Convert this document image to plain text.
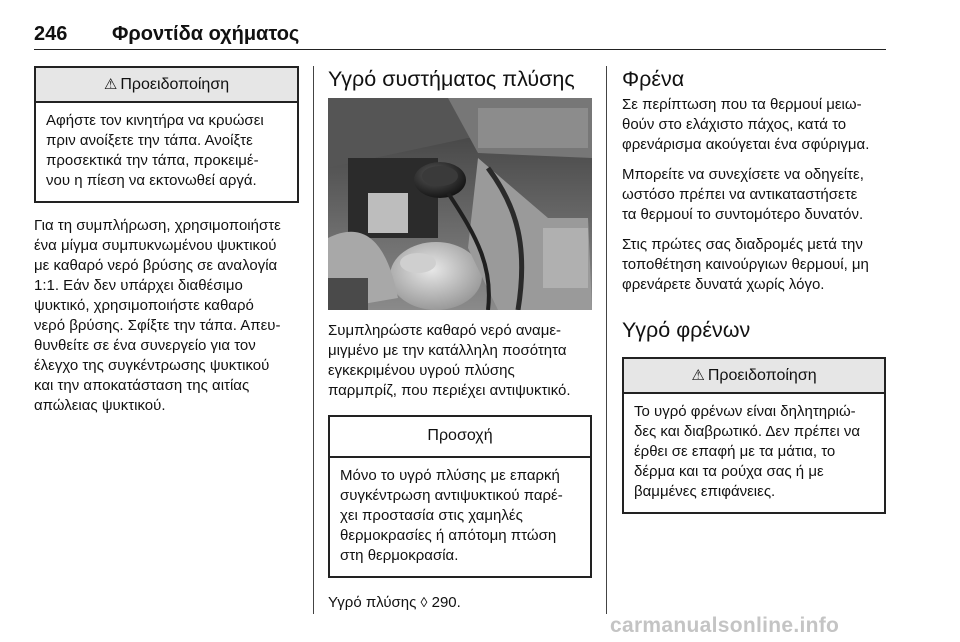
246 Φροντίδα οχήματος
⚠ Προειδοποίηση
Αφήστε τον κινητήρα να κρυώσει
πριν ανοίξετε την τάπα. Ανοίξτε
προσεκτικά την τάπα, προκειμέ-
νου η πίεση να εκτονωθεί αργά.

Για τη συμπλήρωση, χρησιμοποιήστε
ένα μίγμα συμπυκνωμένου ψυκτικού
με καθαρό νερό βρύσης σε αναλογία
1:1. Εάν δεν υπάρχει διαθέσιμο
ψυκτικό, χρησιμοποιήστε καθαρό
νερό βρύσης. Σφίξτε την τάπα. Απευ-
θυνθείτε σε ένα συνεργείο για τον
έλεγχο της συγκέντρωσης ψυκτικού
και την αποκατάσταση της αιτίας
απώλειας ψυκτικού.

Υγρό συστήματος πλύσης

Συμπληρώστε καθαρό νερό αναμε-
μιγμένο με την κατάλληλη ποσότητα
εγκεκριμένου υγρού πλύσης
παρμπρίζ, που περιέχει αντιψυκτικό.

Προσοχή
Μόνο το υγρό πλύσης με επαρκή
συγκέντρωση αντιψυκτικού παρέ-
χει προστασία στις χαμηλές
θερμοκρασίες ή απότομη πτώση
στη θερμοκρασία.

Υγρό πλύσης ◊ 290.

Φρένα

Σε περίπτωση που τα θερμουί μειω-
θούν στο ελάχιστο πάχος, κατά το
φρενάρισμα ακούγεται ένα σφύριγμα.

Μπορείτε να συνεχίσετε να οδηγείτε,
ωστόσο πρέπει να αντικαταστήσετε
τα θερμουί το συντομότερο δυνατόν.

Στις πρώτες σας διαδρομές μετά την
τοποθέτηση καινούργιων θερμουί, μη
φρενάρετε δυνατά χωρίς λόγο.

Υγρό φρένων
⚠ Προειδοποίηση
Το υγρό φρένων είναι δηλητηριώ-
δες και διαβρωτικό. Δεν πρέπει να
έρθει σε επαφή με τα μάτια, το
δέρμα και τα ρούχα σας ή με
βαμμένες επιφάνειες.
carmanualsonline.info
